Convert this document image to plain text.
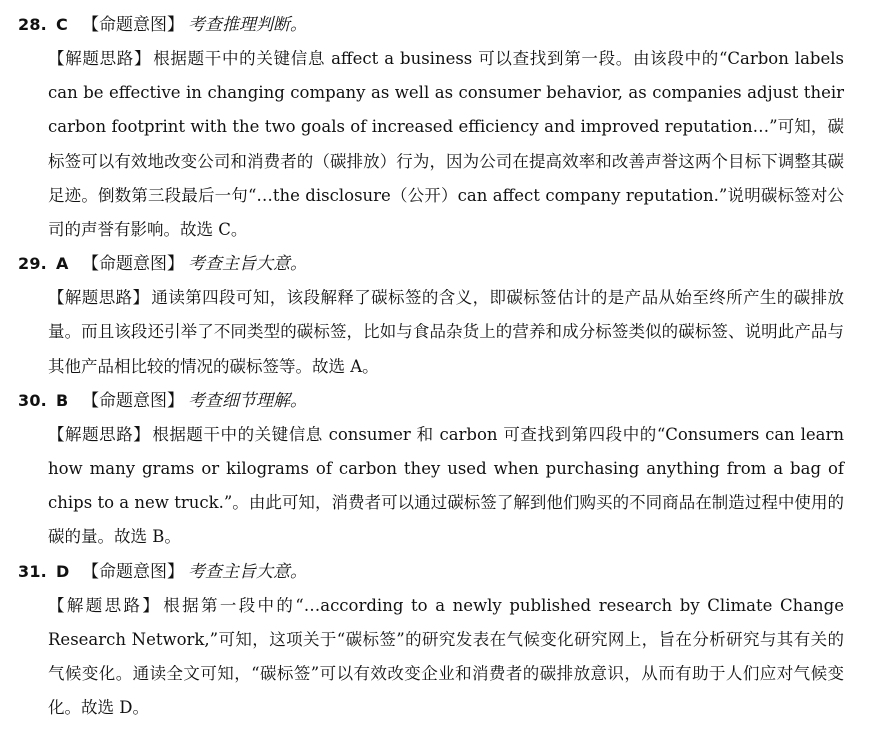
28. C 【命题意图】 考查推理判断。

【解题思路】 根据题干中的关键信息 affect a business 可以查找到第一段。由该段中的“Carbon labels can be effective in changing company as well as consumer behavior, as companies adjust their carbon footprint with the two goals of increased efficiency and improved reputation…”可知，碳标签可以有效地改变公司和消费者的（碳排放）行为，因为公司在提高效率和改善声誉这两个目标下调整其碳足迹。倒数第三段最后一句“…the disclosure（公开）can affect company reputation.”说明碳标签对公司的声誉有影响。故选 C。

29. A 【命题意图】 考查主旨大意。

【解题思路】 通读第四段可知，该段解释了碳标签的含义，即碳标签估计的是产品从始至终所产生的碳排放量。而且该段还引举了不同类型的碳标签，比如与食品杂货上的营养和成分标签类似的碳标签、说明此产品与其他产品相比较的情况的碳标签等。故选 A。

30. B 【命题意图】 考查细节理解。

【解题思路】 根据题干中的关键信息 consumer 和 carbon 可查找到第四段中的“Consumers can learn how many grams or kilograms of carbon they used when purchasing anything from a bag of chips to a new truck.”。由此可知，消费者可以通过碳标签了解到他们购买的不同商品在制造过程中使用的碳的量。故选 B。

31. D 【命题意图】 考查主旨大意。

【解题思路】 根据第一段中的“…according to a newly published research by Climate Change Research Network,”可知，这项关于“碳标签”的研究发表在气候变化研究网上，旨在分析研究与其有关的气候变化。通读全文可知，“碳标签”可以有效改变企业和消费者的碳排放意识，从而有助于人们应对气候变化。故选 D。
